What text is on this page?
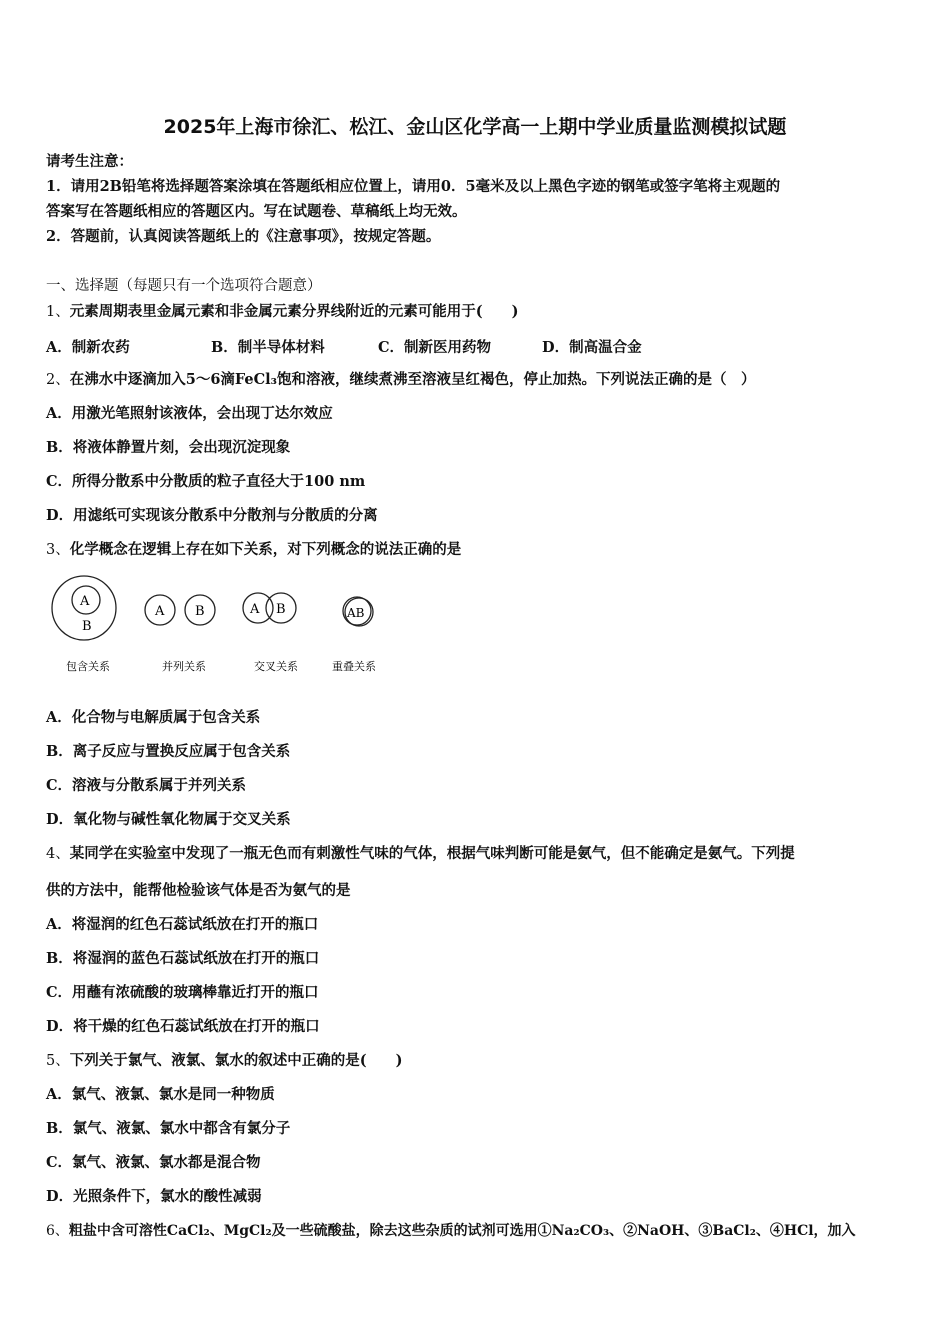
2025年上海市徐汇、松江、金山区化学高一上期中学业质量监测模拟试题
请考生注意：
1．请用2B铅笔将选择题答案涂填在答题纸相应位置上，请用0．5毫米及以上黑色字迹的钢笔或签字笔将主观题的
答案写在答题纸相应的答题区内。写在试题卷、草稿纸上均无效。
2．答题前，认真阅读答题纸上的《注意事项》，按规定答题。
一、选择题（每题只有一个选项符合题意）
1、元素周期表里金属元素和非金属元素分界线附近的元素可能用于(　　)
A．制新农药	B．制半导体材料	C．制新医用药物	D．制高温合金
2、在沸水中逐滴加入5～6滴FeCl₃饱和溶液，继续煮沸至溶液呈红褐色，停止加热。下列说法正确的是（　）
A．用激光笔照射该液体，会出现丁达尔效应
B．将液体静置片刻，会出现沉淀现象
C．所得分散系中分散质的粒子直径大于100 nm
D．用滤纸可实现该分散系中分散剂与分散质的分离
3、化学概念在逻辑上存在如下关系，对下列概念的说法正确的是
A
B
A B	A B	AB
包含关系	并列关系	交叉关系	重叠关系
A．化合物与电解质属于包含关系
B．离子反应与置换反应属于包含关系
C．溶液与分散系属于并列关系
D．氧化物与碱性氧化物属于交叉关系
4、某同学在实验室中发现了一瓶无色而有刺激性气味的气体，根据气味判断可能是氨气，但不能确定是氨气。下列提
供的方法中，能帮他检验该气体是否为氨气的是
A．将湿润的红色石蕊试纸放在打开的瓶口
B．将湿润的蓝色石蕊试纸放在打开的瓶口
C．用蘸有浓硫酸的玻璃棒靠近打开的瓶口
D．将干燥的红色石蕊试纸放在打开的瓶口
5、下列关于氯气、液氯、氯水的叙述中正确的是(　　)
A．氯气、液氯、氯水是同一种物质
B．氯气、液氯、氯水中都含有氯分子
C．氯气、液氯、氯水都是混合物
D．光照条件下，氯水的酸性减弱
6、粗盐中含可溶性CaCl₂、MgCl₂及一些硫酸盐，除去这些杂质的试剂可选用①Na₂CO₃、②NaOH、③BaCl₂、④HCl，加入
